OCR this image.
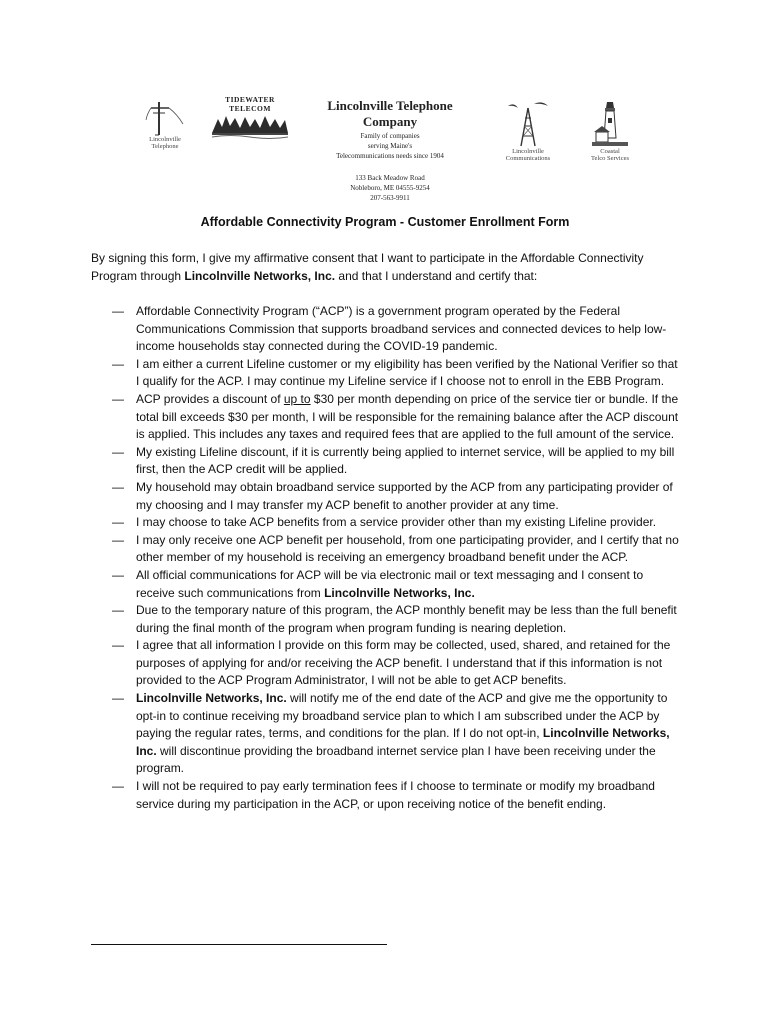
Lincolnville
Telephone
TIDEWATER TELECOM	Lincolnville Telephone Company
Family of companies
serving Maine's
Telecommunications needs since 1904
133 Back Meadow Road
Nobleboro, ME 04555-9254
207-563-9911
Lincolnville
Communications
Coastal
Telco Services
Affordable Connectivity Program - Customer Enrollment Form

By signing this form, I give my affirmative consent that I want to participate in the Affordable Connectivity Program through Lincolnville Networks, Inc. and that I understand and certify that:

— Affordable Connectivity Program (“ACP”) is a government program operated by the Federal Communications Commission that supports broadband services and connected devices to help low-income households stay connected during the COVID-19 pandemic.
— I am either a current Lifeline customer or my eligibility has been verified by the National Verifier so that I qualify for the ACP. I may continue my Lifeline service if I choose not to enroll in the EBB Program.
— ACP provides a discount of up to $30 per month depending on price of the service tier or bundle. If the total bill exceeds $30 per month, I will be responsible for the remaining balance after the ACP discount is applied. This includes any taxes and required fees that are applied to the full amount of the service.
— My existing Lifeline discount, if it is currently being applied to internet service, will be applied to my bill first, then the ACP credit will be applied.
— My household may obtain broadband service supported by the ACP from any participating provider of my choosing and I may transfer my ACP benefit to another provider at any time.
— I may choose to take ACP benefits from a service provider other than my existing Lifeline provider.
— I may only receive one ACP benefit per household, from one participating provider, and I certify that no other member of my household is receiving an emergency broadband benefit under the ACP.
— All official communications for ACP will be via electronic mail or text messaging and I consent to receive such communications from Lincolnville Networks, Inc.
— Due to the temporary nature of this program, the ACP monthly benefit may be less than the full benefit during the final month of the program when program funding is nearing depletion.
— I agree that all information I provide on this form may be collected, used, shared, and retained for the purposes of applying for and/or receiving the ACP benefit. I understand that if this information is not provided to the ACP Program Administrator, I will not be able to get ACP benefits.
— Lincolnville Networks, Inc. will notify me of the end date of the ACP and give me the opportunity to opt-in to continue receiving my broadband service plan to which I am subscribed under the ACP by paying the regular rates, terms, and conditions for the plan. If I do not opt-in, Lincolnville Networks, Inc. will discontinue providing the broadband internet service plan I have been receiving under the program.
— I will not be required to pay early termination fees if I choose to terminate or modify my broadband service during my participation in the ACP, or upon receiving notice of the benefit ending.
